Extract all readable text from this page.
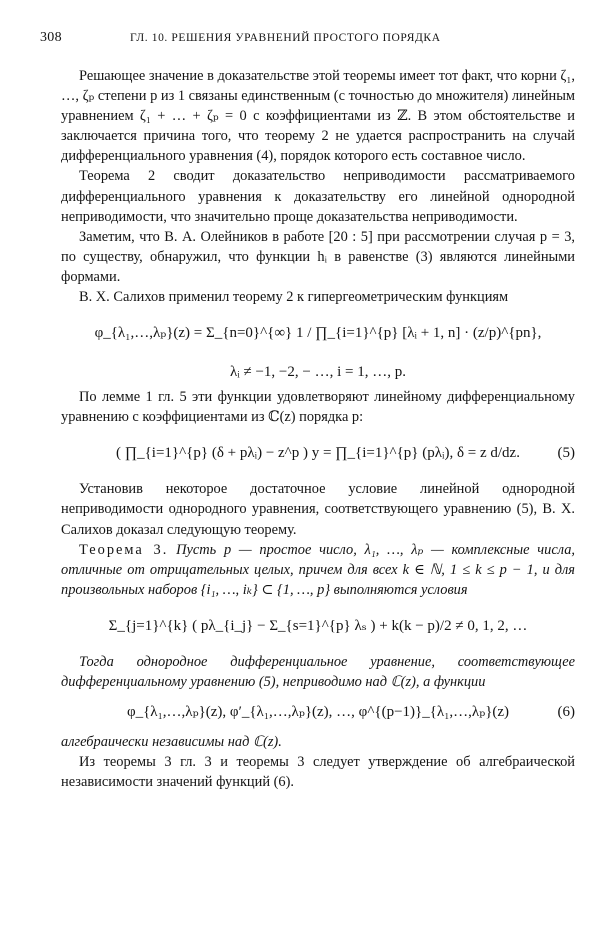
308	ГЛ. 10. РЕШЕНИЯ УРАВНЕНИЙ ПРОСТОГО ПОРЯДКА

Решающее значение в доказательстве этой теоремы имеет тот факт, что корни ζ₁, …, ζₚ степени p из 1 связаны единственным (с точностью до множителя) линейным уравнением ζ₁ + … + ζₚ = 0 с коэффициентами из ℤ. В этом обстоятельстве и заключается причина того, что теорему 2 не удается распространить на случай дифференциального уравнения (4), порядок которого есть составное число.

Теорема 2 сводит доказательство неприводимости рассматриваемого дифференциального уравнения к доказательству его линейной однородной неприводимости, что значительно проще доказательства неприводимости.

Заметим, что В. А. Олейников в работе [20 : 5] при рассмотрении случая p = 3, по существу, обнаружил, что функции hᵢ в равенстве (3) являются линейными формами.

В. Х. Салихов применил теорему 2 к гипергеометрическим функциям

φ_{λ₁,…,λₚ}(z) = Σ_{n=0}^{∞} 1 / ∏_{i=1}^{p} [λᵢ + 1, n] · (z/p)^{pn},
λᵢ ≠ −1, −2, − …, i = 1, …, p.

По лемме 1 гл. 5 эти функции удовлетворяют линейному дифференциальному уравнению с коэффициентами из ℂ(z) порядка p:

( ∏_{i=1}^{p} (δ + pλᵢ) − z^p ) y = ∏_{i=1}^{p} (pλᵢ), δ = z d/dz.	(5)

Установив некоторое достаточное условие линейной однородной неприводимости однородного уравнения, соответствующего уравнению (5), В. Х. Салихов доказал следующую теорему.

Теорема 3. Пусть p — простое число, λ₁, …, λₚ — комплексные числа, отличные от отрицательных целых, причем для всех k ∈ ℕ, 1 ≤ k ≤ p − 1, и для произвольных наборов {i₁, …, iₖ} ⊂ {1, …, p} выполняются условия

Σ_{j=1}^{k} ( pλ_{i_j} − Σ_{s=1}^{p} λₛ ) + k(k − p)/2 ≠ 0, 1, 2, …

Тогда однородное дифференциальное уравнение, соответствующее дифференциальному уравнению (5), неприводимо над ℂ(z), а функции

φ_{λ₁,…,λₚ}(z), φ′_{λ₁,…,λₚ}(z), …, φ^{(p−1)}_{λ₁,…,λₚ}(z)	(6)

алгебраически независимы над ℂ(z).

Из теоремы 3 гл. 3 и теоремы 3 следует утверждение об алгебраической независимости значений функций (6).
